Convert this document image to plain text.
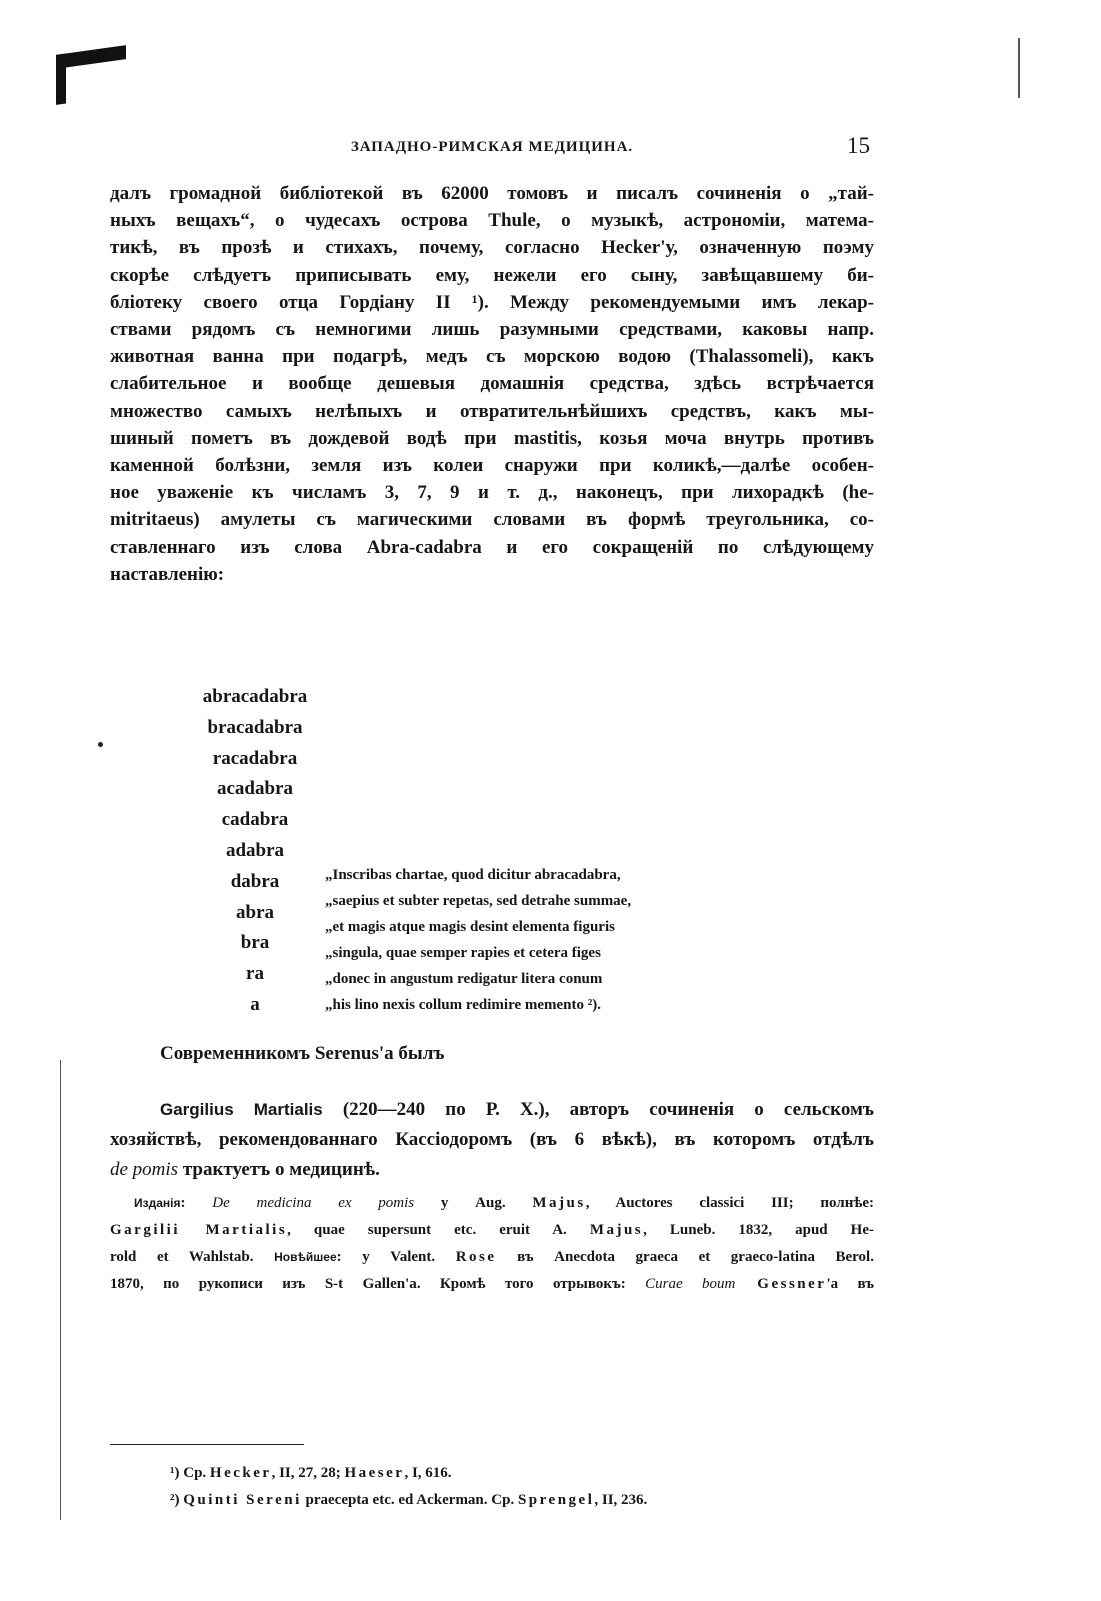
ЗАПАДНО-РИМСКАЯ МЕДИЦИНА.	15
далъ громадной библіотекой въ 62000 томовъ и писалъ сочиненія о „тай-
ныхъ вещахъ“, о чудесахъ острова Thule, о музыкѣ, астрономіи, матема-
тикѣ, въ прозѣ и стихахъ, почему, согласно Hecker'у, означенную поэму
скорѣе слѣдуетъ приписывать ему, нежели его сыну, завѣщавшему би-
бліотеку своего отца Гордіану II ¹). Между рекомендуемыми имъ лекар-
ствами рядомъ съ немногими лишь разумными средствами, каковы напр.
животная ванна при подагрѣ, медъ съ морскою водою (Thalassomeli), какъ
слабительное и вообще дешевыя домашнія средства, здѣсь встрѣчается
множество самыхъ нелѣпыхъ и отвратительнѣйшихъ средствъ, какъ мы-
шиный пометъ въ дождевой водѣ при mastitis, козья моча внутрь противъ
каменной болѣзни, земля изъ колеи снаружи при коликѣ,—далѣе особен-
ное уваженіе къ числамъ 3, 7, 9 и т. д., наконецъ, при лихорадкѣ (he-
mitritaeus) амулеты съ магическими словами въ формѣ треугольника, со-
ставленнаго изъ слова Abra-cadabra и его сокращеній по слѣдующему
наставленію:
abracadabra
bracadabra
racadabra
acadabra
cadabra
adabra
dabra
abra
bra
ra
a
„Inscribas chartae, quod dicitur abracadabra,
„saepius et subter repetas, sed detrahe summae,
„et magis atque magis desint elementa figuris
„singula, quae semper rapies et cetera figes
„donec in angustum redigatur litera conum
„his lino nexis collum redimire memento ²).
Современникомъ Serenus'а былъ
Gargilius Martialis (220—240 по Р. X.), авторъ сочиненія о сельскомъ
хозяйствѣ, рекомендованнаго Кассіодоромъ (въ 6 вѣкѣ), въ которомъ отдѣлъ
de pomis трактуетъ о медицинѣ.
Изданія: De medicina ex pomis у Aug. Majus, Auctores classici III; полнѣе:
Gargilii Martialis, quae supersunt etc. eruit A. Majus, Luneb. 1832, apud He-
rold et Wahlstab. Новѣйшее: у Valent. Rose въ Anecdota graeca et graeco-latina Berol.
1870, по рукописи изъ S-t Gallen'а. Кромѣ того отрывокъ: Curae boum Gessner'а въ
¹) Ср. Hecker, II, 27, 28; Haeser, I, 616.
²) Quinti Sereni praecepta etc. ed Ackerman. Ср. Sprengel, II, 236.
